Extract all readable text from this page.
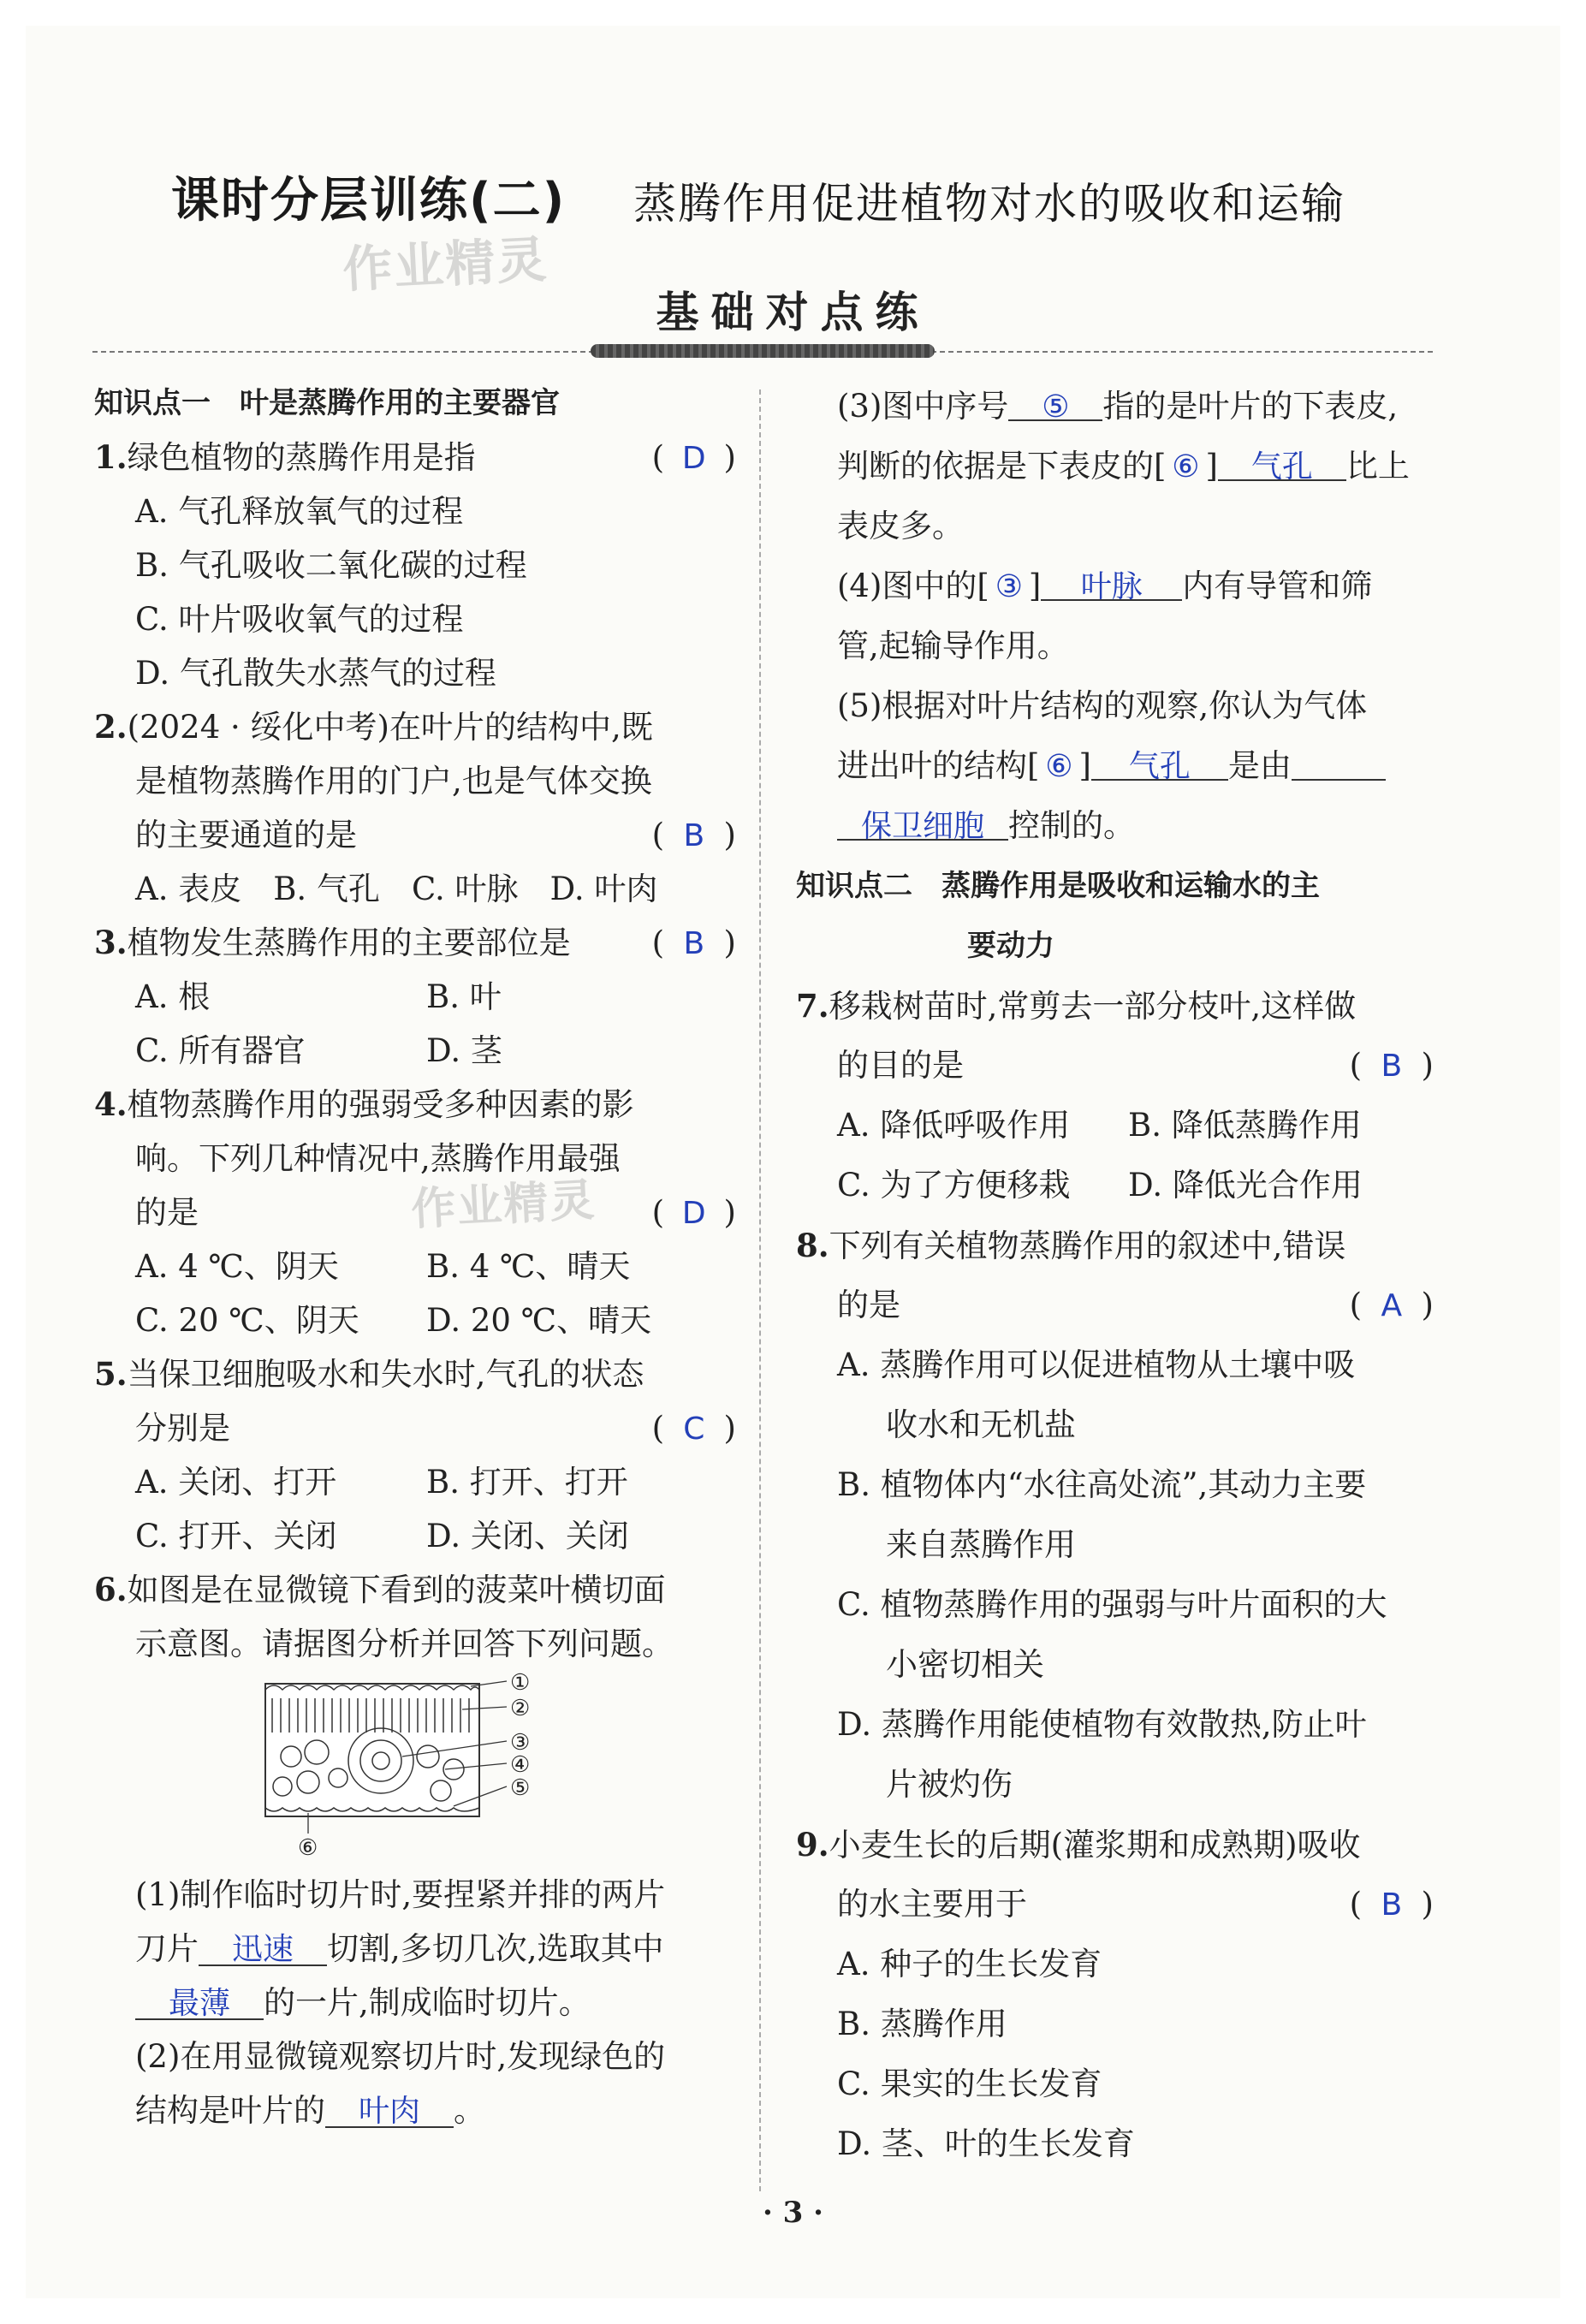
课时分层训练(二) 蒸腾作用促进植物对水的吸收和运输
作业精灵
作业精灵
基础对点练
知识点一　叶是蒸腾作用的主要器官
1.绿色植物的蒸腾作用是指	( D )
A. 气孔释放氧气的过程
B. 气孔吸收二氧化碳的过程
C. 叶片吸收氧气的过程
D. 气孔散失水蒸气的过程
2.(2024 · 绥化中考)在叶片的结构中,既
是植物蒸腾作用的门户,也是气体交换
的主要通道的是	( B )
A. 表皮　B. 气孔　C. 叶脉　D. 叶肉
3.植物发生蒸腾作用的主要部位是	( B )
A. 根	B. 叶
C. 所有器官	D. 茎
4.植物蒸腾作用的强弱受多种因素的影
响。下列几种情况中,蒸腾作用最强
的是	( D )
A. 4 ℃、阴天	B. 4 ℃、晴天
C. 20 ℃、阴天	D. 20 ℃、晴天
5.当保卫细胞吸水和失水时,气孔的状态
分别是	( C )
A. 关闭、打开	B. 打开、打开
C. 打开、关闭	D. 关闭、关闭
6.如图是在显微镜下看到的菠菜叶横切面
示意图。请据图分析并回答下列问题。
①
②
③
④
⑤
⑥
(1)制作临时切片时,要捏紧并排的两片
刀片 迅速 切割,多切几次,选取其中
最薄 的一片,制成临时切片。
(2)在用显微镜观察切片时,发现绿色的
结构是叶片的 叶肉 。
(3)图中序号 ⑤ 指的是叶片的下表皮,
判断的依据是下表皮的[ ⑥ ] 气孔 比上
表皮多。
(4)图中的[ ③ ] 叶脉 内有导管和筛
管,起输导作用。
(5)根据对叶片结构的观察,你认为气体
进出叶的结构[ ⑥ ] 气孔 是由
保卫细胞 控制的。
知识点二　蒸腾作用是吸收和运输水的主
要动力
7.移栽树苗时,常剪去一部分枝叶,这样做
的目的是	( B )
A. 降低呼吸作用	B. 降低蒸腾作用
C. 为了方便移栽	D. 降低光合作用
8.下列有关植物蒸腾作用的叙述中,错误
的是	( A )
A. 蒸腾作用可以促进植物从土壤中吸
收水和无机盐
B. 植物体内“水往高处流”,其动力主要
来自蒸腾作用
C. 植物蒸腾作用的强弱与叶片面积的大
小密切相关
D. 蒸腾作用能使植物有效散热,防止叶
片被灼伤
9.小麦生长的后期(灌浆期和成熟期)吸收
的水主要用于	( B )
A. 种子的生长发育
B. 蒸腾作用
C. 果实的生长发育
D. 茎、叶的生长发育
· 3 ·
